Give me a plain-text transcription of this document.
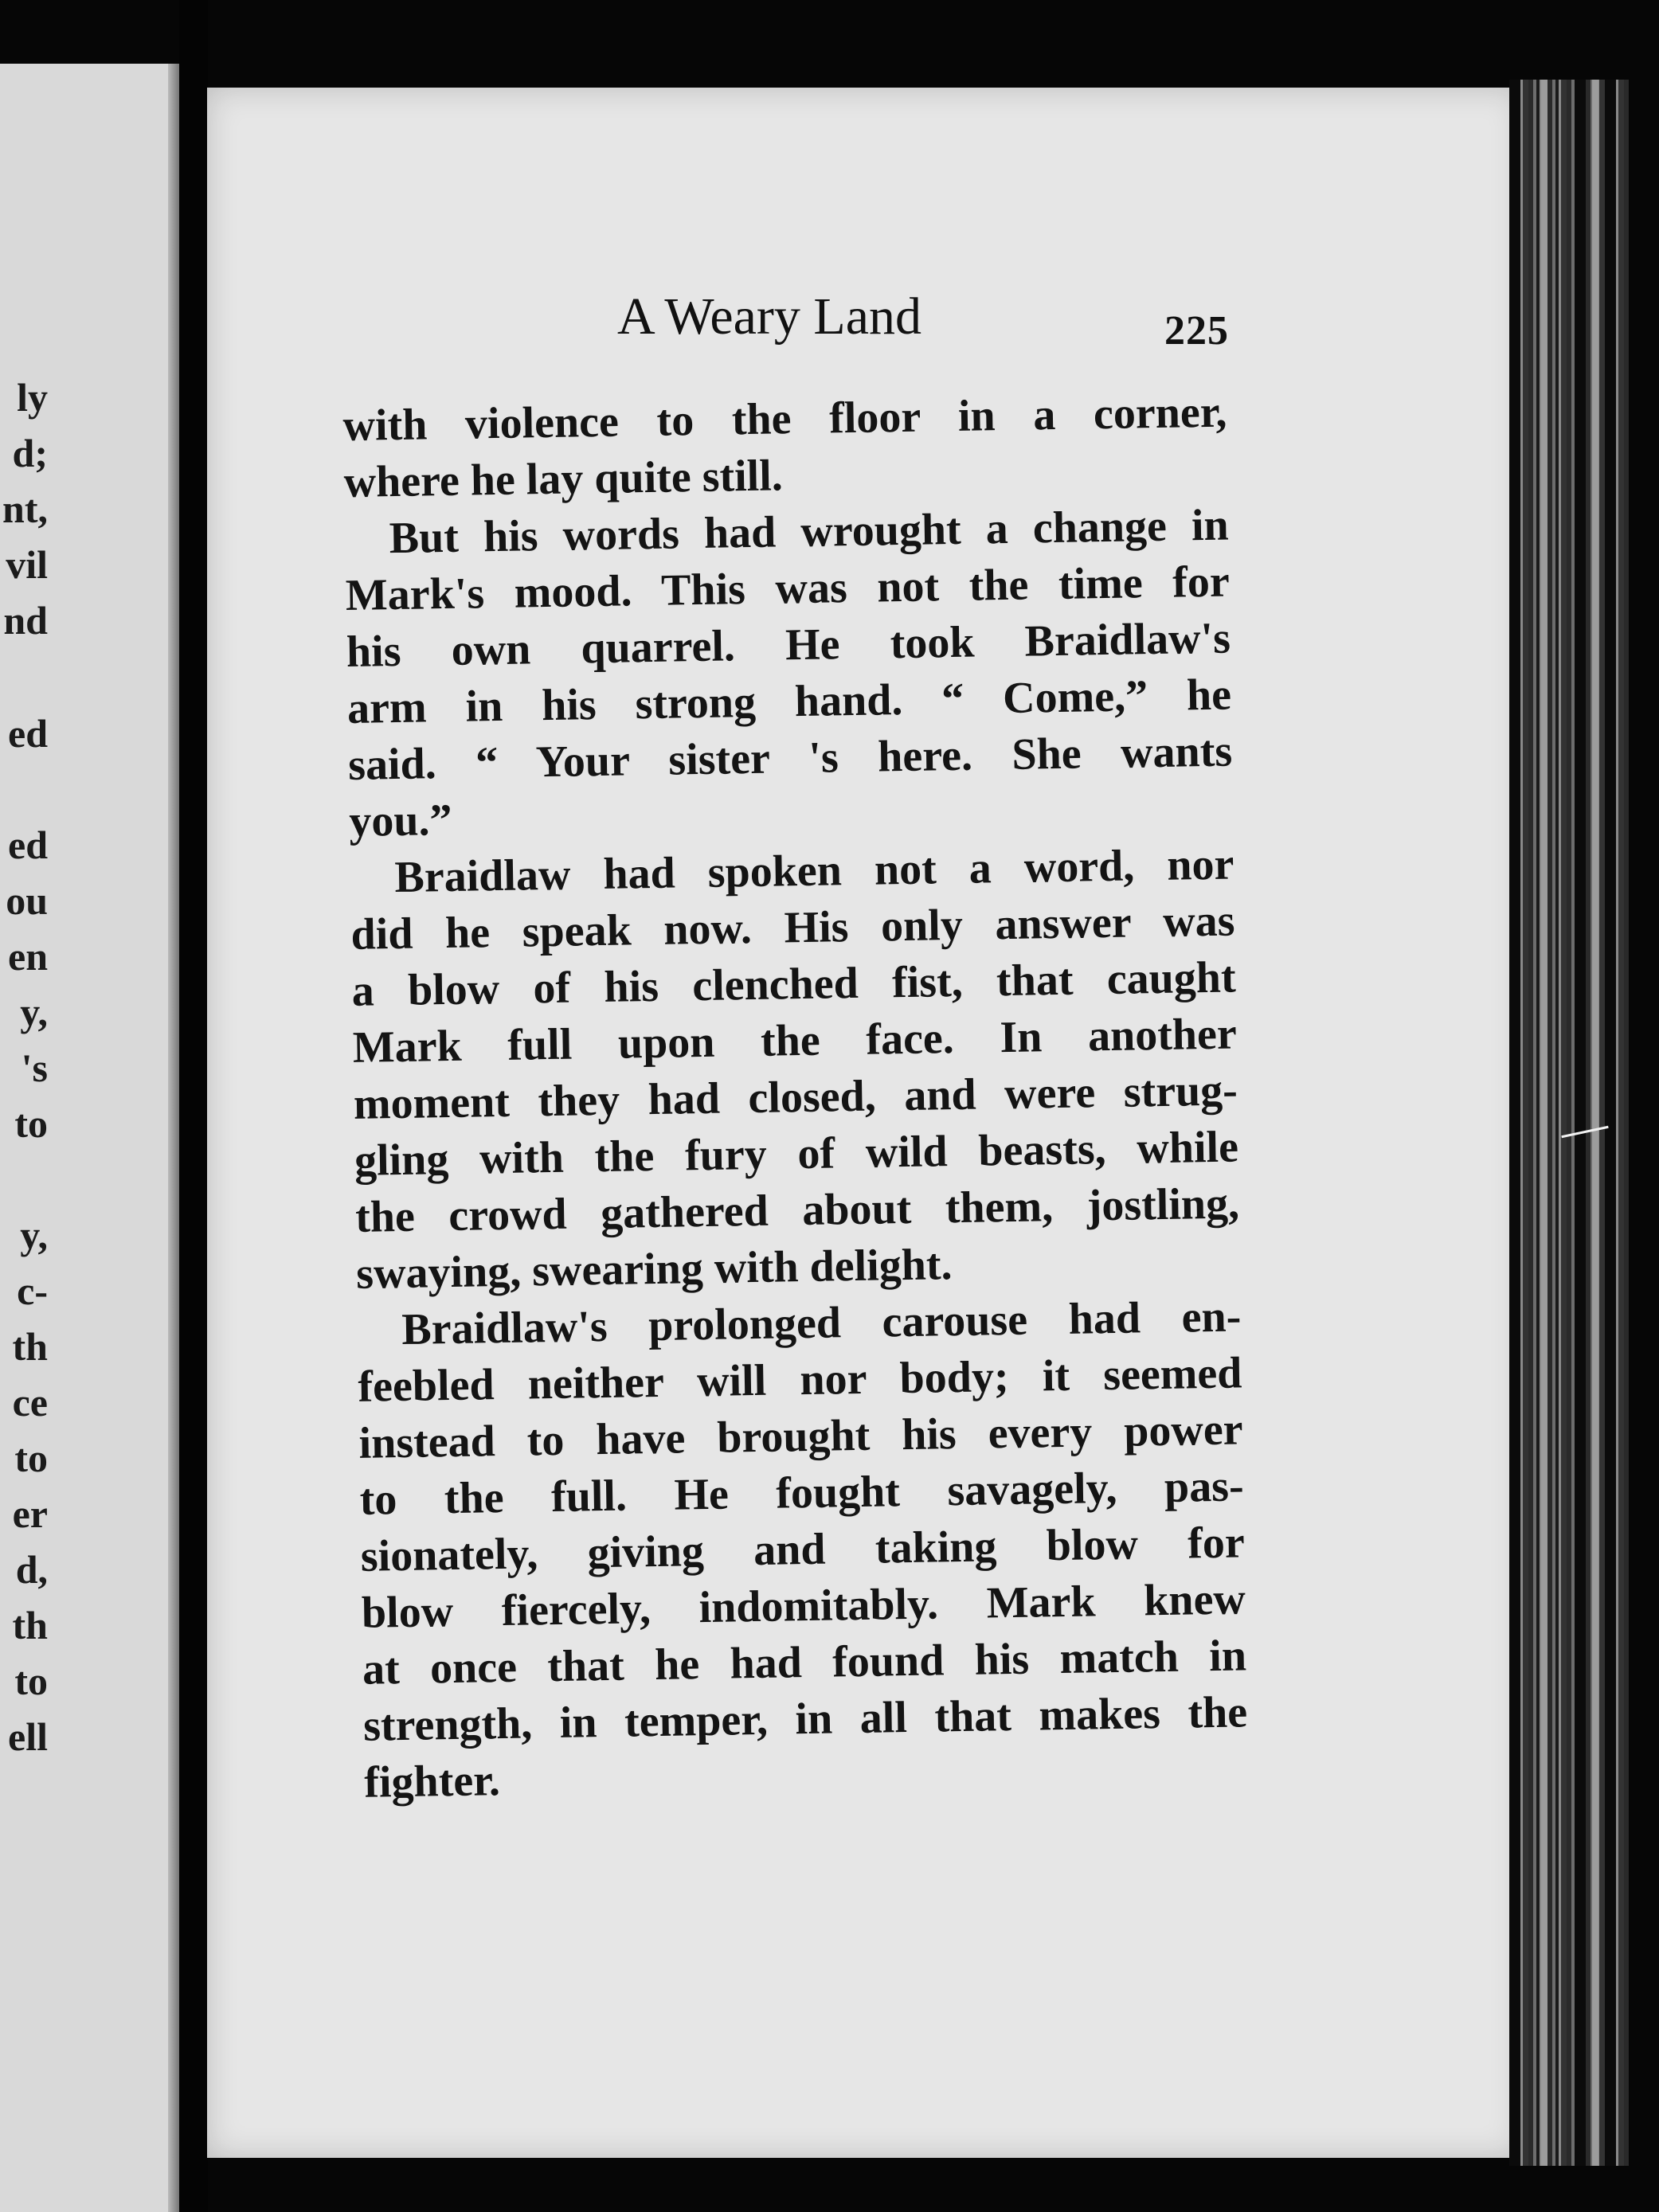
ly
d;
nt,
vil
nd
ed
ed
ou
en
y,
's
to
y,
c-
th
ce
to
er
d,
th
to
ell
A Weary Land	225
with violence to the floor in a corner,
where he lay quite still.
But his words had wrought a change in
Mark's mood. This was not the time for
his own quarrel. He took Braidlaw's
arm in his strong hand. “ Come,” he
said. “ Your sister 's here. She wants
you.”
Braidlaw had spoken not a word, nor
did he speak now. His only answer was
a blow of his clenched fist, that caught
Mark full upon the face. In another
moment they had closed, and were strug-
gling with the fury of wild beasts, while
the crowd gathered about them, jostling,
swaying, swearing with delight.
Braidlaw's prolonged carouse had en-
feebled neither will nor body; it seemed
instead to have brought his every power
to the full. He fought savagely, pas-
sionately, giving and taking blow for
blow fiercely, indomitably. Mark knew
at once that he had found his match in
strength, in temper, in all that makes the
fighter.
